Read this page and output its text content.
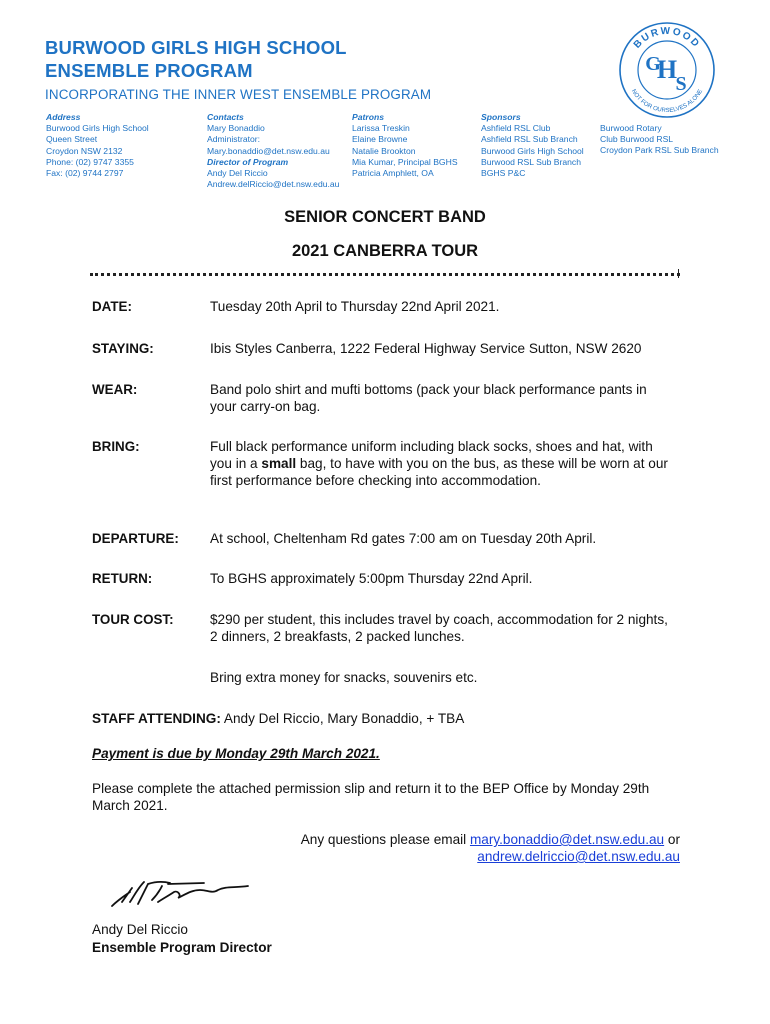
BURWOOD GIRLS HIGH SCHOOL
ENSEMBLE PROGRAM
INCORPORATING THE INNER WEST ENSEMBLE PROGRAM
Address
Burwood Girls High School
Queen Street
Croydon NSW 2132
Phone: (02) 9747 3355
Fax: (02) 9744 2797
Contacts
Mary Bonaddio
Administrator:
Mary.bonaddio@det.nsw.edu.au
Director of Program
Andy Del Riccio
Andrew.delRiccio@det.nsw.edu.au
Patrons
Larissa Treskin
Elaine Browne
Natalie Brookton
Mia Kumar, Principal BGHS
Patricia Amphlett, OA
Sponsors
Ashfield RSL Club
Ashfield RSL Sub Branch
Burwood Girls High School
Burwood RSL Sub Branch
BGHS P&C
Burwood Rotary
Club Burwood RSL
Croydon Park RSL Sub Branch
BURWOOD
NOT FOR OURSELVES ALONE
G
H
S
SENIOR CONCERT BAND
2021 CANBERRA TOUR
DATE:	Tuesday 20th April to Thursday 22nd April 2021.
STAYING:	Ibis Styles Canberra, 1222 Federal Highway Service Sutton, NSW 2620
WEAR:	Band polo shirt and mufti bottoms (pack your black performance pants in your carry-on bag.
BRING:	Full black performance uniform including black socks, shoes and hat, with you in a small bag, to have with you on the bus, as these will be worn at our first performance before checking into accommodation.
DEPARTURE: At school, Cheltenham Rd gates 7:00 am on Tuesday 20th April.
RETURN:	To BGHS approximately 5:00pm Thursday 22nd April.
TOUR COST:	$290 per student, this includes travel by coach, accommodation for 2 nights, 2 dinners, 2 breakfasts, 2 packed lunches.
Bring extra money for snacks, souvenirs etc.
STAFF ATTENDING: Andy Del Riccio, Mary Bonaddio, + TBA
Payment is due by Monday 29th March 2021.
Please complete the attached permission slip and return it to the BEP Office by Monday 29th March 2021.
Any questions please email mary.bonaddio@det.nsw.edu.au or
andrew.delriccio@det.nsw.edu.au
Andy Del Riccio
Ensemble Program Director
